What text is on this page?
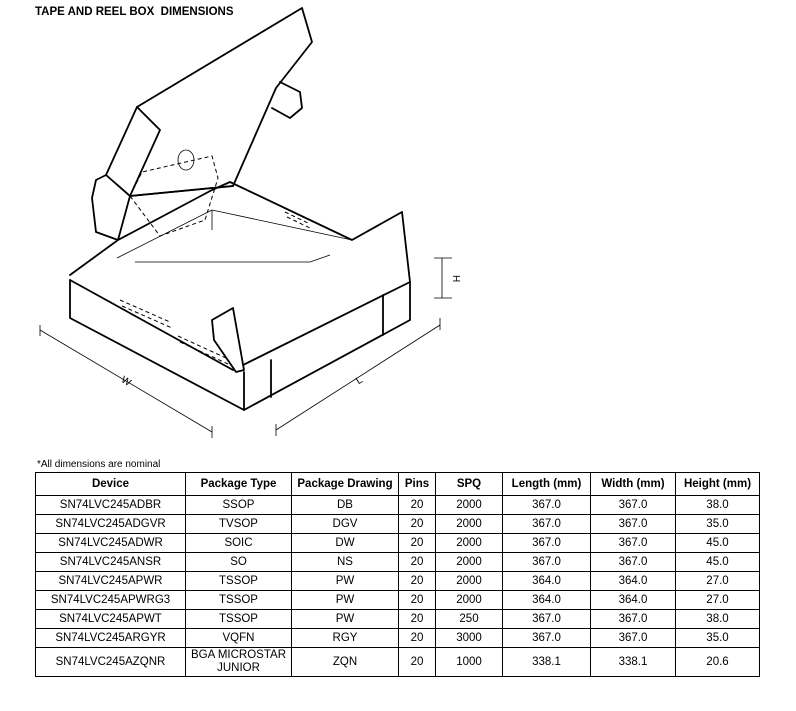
TAPE AND REEL BOX  DIMENSIONS
W	L
H
*All dimensions are nominal
Device	Package Type	Package Drawing	Pins	SPQ	Length (mm)	Width (mm)	Height (mm)
SN74LVC245ADBR	SSOP	DB	20	2000	367.0	367.0	38.0
SN74LVC245ADGVR	TVSOP	DGV	20	2000	367.0	367.0	35.0
SN74LVC245ADWR	SOIC	DW	20	2000	367.0	367.0	45.0
SN74LVC245ANSR	SO	NS	20	2000	367.0	367.0	45.0
SN74LVC245APWR	TSSOP	PW	20	2000	364.0	364.0	27.0
SN74LVC245APWRG3	TSSOP	PW	20	2000	364.0	364.0	27.0
SN74LVC245APWT	TSSOP	PW	20	250	367.0	367.0	38.0
SN74LVC245ARGYR	VQFN	RGY	20	3000	367.0	367.0	35.0
SN74LVC245AZQNR	BGA MICROSTAR
JUNIOR	ZQN	20	1000	338.1	338.1	20.6
